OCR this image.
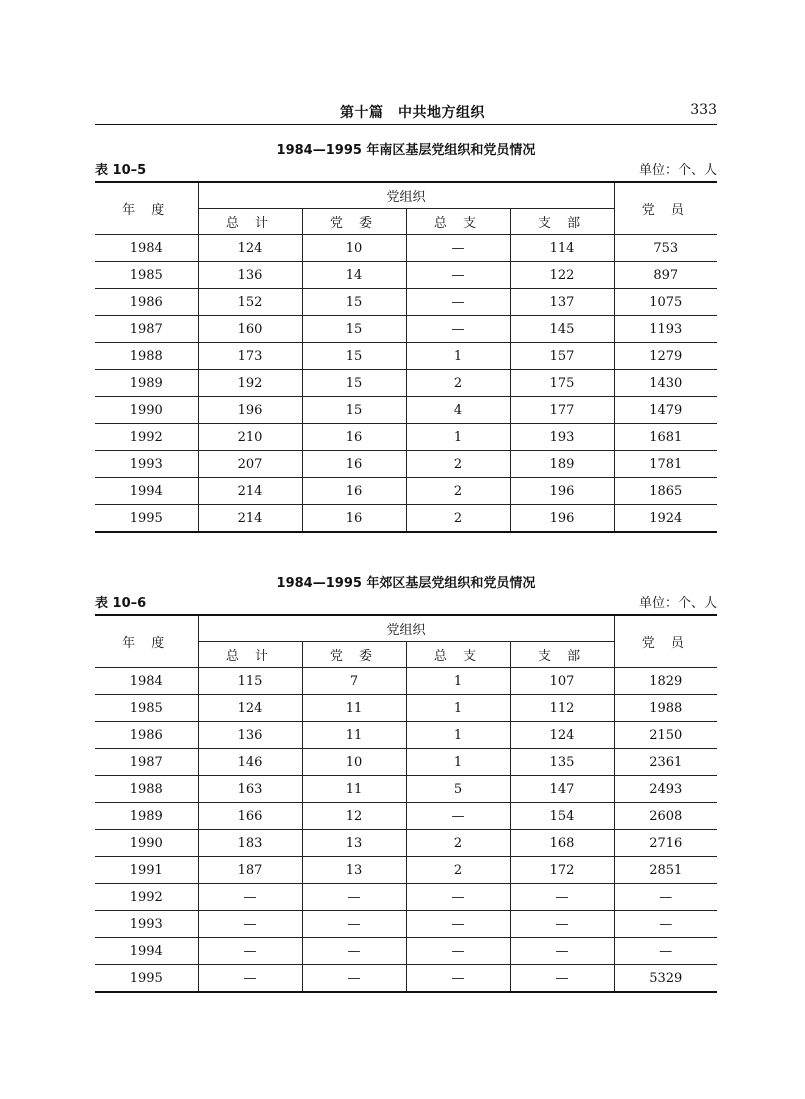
第十篇　中共地方组织	333
1984—1995 年南区基层党组织和党员情况
表 10–5	单位：个、人
年 度	党组织				党 员
	总 计	党 委	总 支	支 部	
1984	124	10	—	114	753
1985	136	14	—	122	897
1986	152	15	—	137	1075
1987	160	15	—	145	1193
1988	173	15	1	157	1279
1989	192	15	2	175	1430
1990	196	15	4	177	1479
1992	210	16	1	193	1681
1993	207	16	2	189	1781
1994	214	16	2	196	1865
1995	214	16	2	196	1924
1984—1995 年郊区基层党组织和党员情况
表 10–6	单位：个、人
年 度	党组织				党 员
	总 计	党 委	总 支	支 部	
1984	115	7	1	107	1829
1985	124	11	1	112	1988
1986	136	11	1	124	2150
1987	146	10	1	135	2361
1988	163	11	5	147	2493
1989	166	12	—	154	2608
1990	183	13	2	168	2716
1991	187	13	2	172	2851
1992	—	—	—	—	—
1993	—	—	—	—	—
1994	—	—	—	—	—
1995	—	—	—	—	5329
